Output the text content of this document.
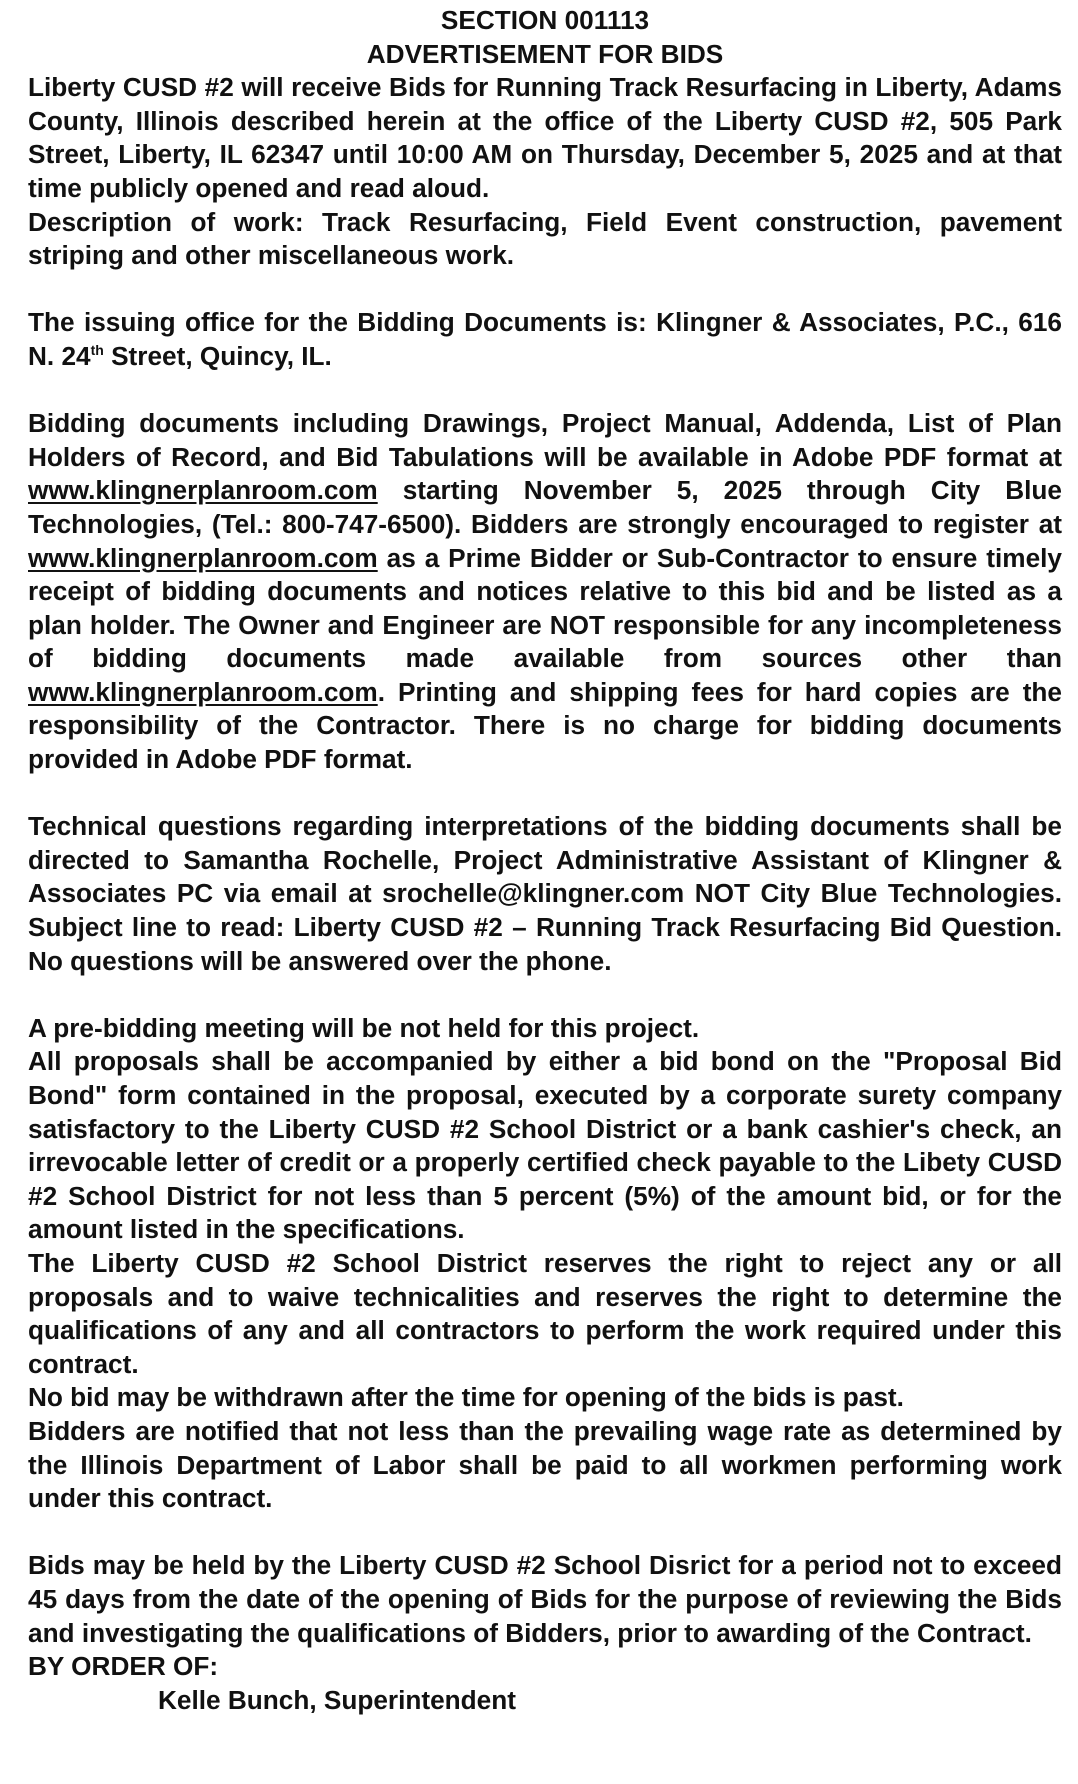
SECTION 001113
ADVERTISEMENT FOR BIDS
Liberty CUSD #2 will receive Bids for Running Track Resurfacing in Liberty, Adams County, Illinois described herein at the office of the Liberty CUSD #2, 505 Park Street, Liberty, IL 62347 until 10:00 AM on Thursday, December 5, 2025 and at that time publicly opened and read aloud.
Description of work: Track Resurfacing, Field Event construction, pavement striping and other miscellaneous work.
The issuing office for the Bidding Documents is: Klingner & Associates, P.C., 616 N. 24th Street, Quincy, IL.
Bidding documents including Drawings, Project Manual, Addenda, List of Plan Holders of Record, and Bid Tabulations will be available in Adobe PDF format at www.klingnerplanroom.com starting November 5, 2025 through City Blue Technologies, (Tel.: 800-747-6500). Bidders are strongly encouraged to register at www.klingnerplanroom.com as a Prime Bidder or Sub-Contractor to ensure timely receipt of bidding documents and notices relative to this bid and be listed as a plan holder. The Owner and Engineer are NOT responsible for any incompleteness of bidding documents made available from sources other than www.klingnerplanroom.com. Printing and shipping fees for hard copies are the responsibility of the Contractor. There is no charge for bidding documents provided in Adobe PDF format.
Technical questions regarding interpretations of the bidding documents shall be directed to Samantha Rochelle, Project Administrative Assistant of Klingner & Associates PC via email at srochelle@klingner.com NOT City Blue Technologies. Subject line to read: Liberty CUSD #2 – Running Track Resurfacing Bid Question. No questions will be answered over the phone.
A pre-bidding meeting will be not held for this project.
All proposals shall be accompanied by either a bid bond on the "Proposal Bid Bond" form contained in the proposal, executed by a corporate surety company satisfactory to the Liberty CUSD #2 School District or a bank cashier's check, an irrevocable letter of credit or a properly certified check payable to the Libety CUSD #2 School District for not less than 5 percent (5%) of the amount bid, or for the amount listed in the specifications.
The Liberty CUSD #2 School District reserves the right to reject any or all proposals and to waive technicalities and reserves the right to determine the qualifications of any and all contractors to perform the work required under this contract.
No bid may be withdrawn after the time for opening of the bids is past.
Bidders are notified that not less than the prevailing wage rate as determined by the Illinois Department of Labor shall be paid to all workmen performing work under this contract.
Bids may be held by the Liberty CUSD #2 School Disrict for a period not to exceed 45 days from the date of the opening of Bids for the purpose of reviewing the Bids and investigating the qualifications of Bidders, prior to awarding of the Contract.
BY ORDER OF:
Kelle Bunch, Superintendent
